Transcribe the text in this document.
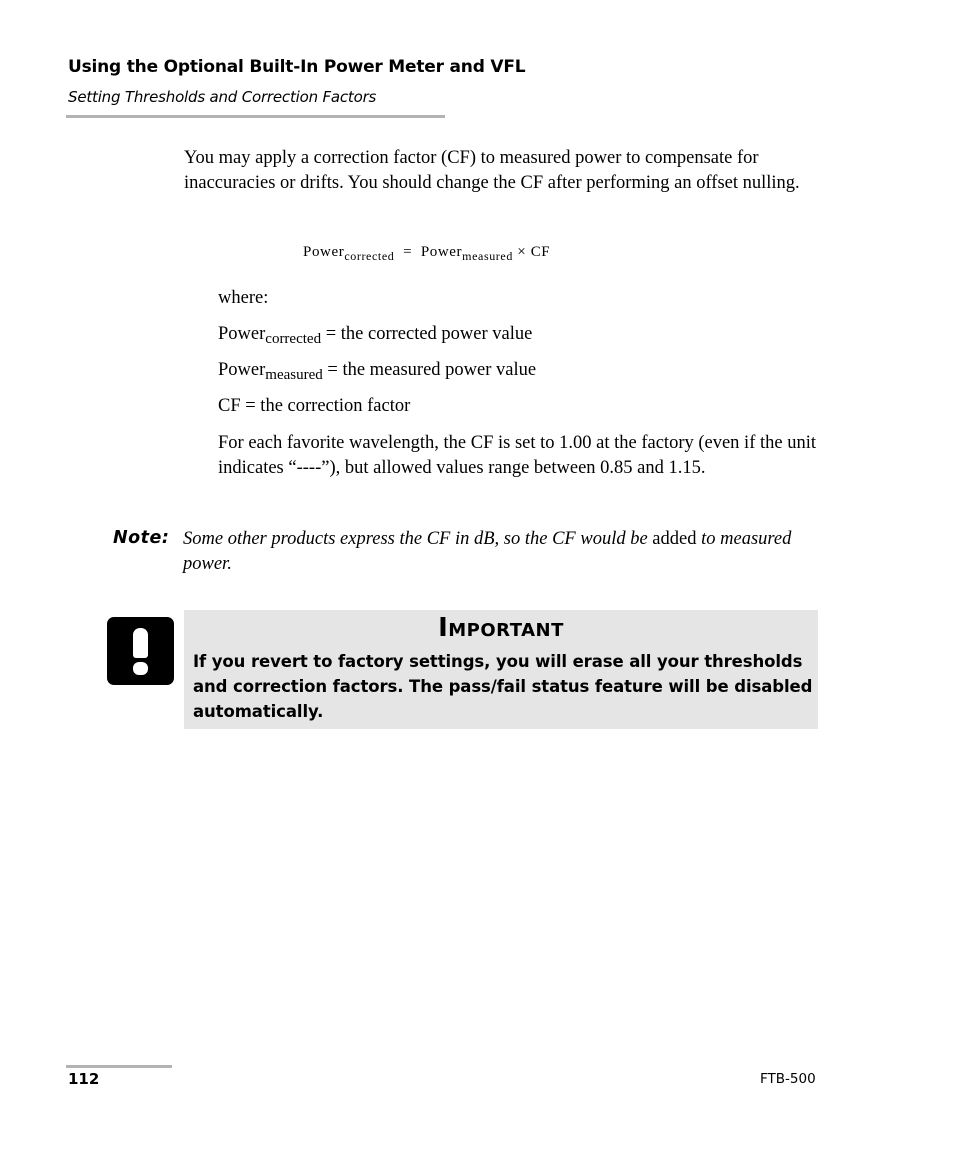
Using the Optional Built-In Power Meter and VFL
Setting Thresholds and Correction Factors
You may apply a correction factor (CF) to measured power to compensate for inaccuracies or drifts. You should change the CF after performing an offset nulling.
Power$_{corrected}$ = Power$_{measured}$ × CF
where:
Power$_{corrected}$ = the corrected power value
Power$_{measured}$ = the measured power value
CF = the correction factor
For each favorite wavelength, the CF is set to 1.00 at the factory (even if the unit indicates “----”), but allowed values range between 0.85 and 1.15.
Note: Some other products express the CF in dB, so the CF would be added to measured power.
Important
If you revert to factory settings, you will erase all your thresholds and correction factors. The pass/fail status feature will be disabled automatically.
112	FTB-500
